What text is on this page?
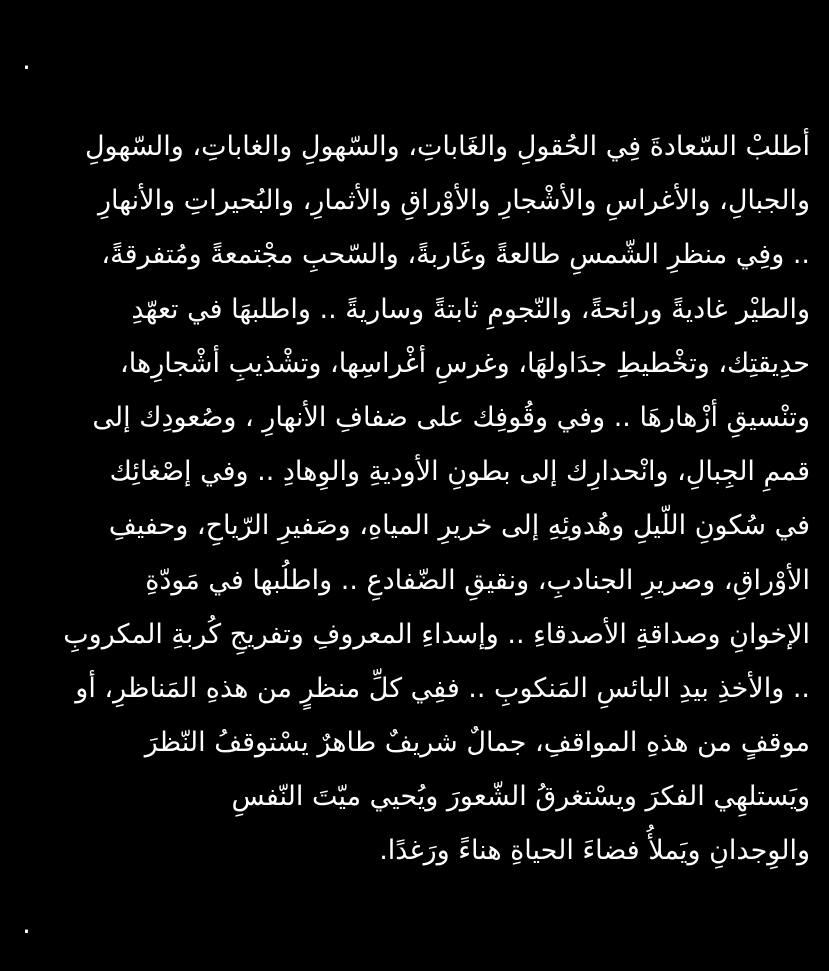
.
أطلبْ السّعادةَ فِي الحُقولِ والغَاباتِ، والسّهولِ والغاباتِ، والسّهولِ
والجبالِ، والأغراسِ والأشْجارِ والأوْراقِ والأثمارِ، والبُحيراتِ والأنهارِ
.. وفِي منظرِ الشّمسِ طالعةً وغَاربةً، والسّحبِ مجْتمعةً ومُتفرقةً،
والطيْر غاديةً ورائحةً، والنّجومِ ثابتةً وساريةً .. واطلبهَا في تعهّدِ
حدِيقتِك، وتخْطيطِ جدَاولهَا، وغرسِ أغْراسِها، وتشْذيبِ أشْجارِها،
وتنْسيقِ أزْهارهَا .. وفي وقُوفِك على ضفافِ الأنهارِ ، وصُعودِك إلى
قممِ الجِبالِ، وانْحدارِك إلى بطونِ الأوديةِ والوِهادِ .. وفي إصْغائِك
في سُكونِ اللّيلِ وهُدوئِهِ إلى خريرِ المياهِ، وصَفيرِ الرّياحِ، وحفيفِ
الأوْراقِ، وصريرِ الجنادبِ، ونقيقِ الضّفادعِ .. واطلُبها في مَودّةِ
الإخوانِ وصداقةِ الأصدقاءِ .. وإسداءِ المعروفِ وتفريجِ كُربةِ المكروبِ
.. والأخذِ بيدِ البائسِ المَنكوبِ .. ففِي كلِّ منظرٍ من هذهِ المَناظرِ، أو
موقفٍ من هذهِ المواقفِ، جمالٌ شريفٌ طاهرٌ يسْتوقفُ النّظرَ
ويَستلهِي الفكرَ ويسْتغرقُ الشّعورَ ويُحيي ميّتَ النّفسِ
والوِجدانِ ويَملأُ فضاءَ الحياةِ هناءً ورَغدًا.
.
